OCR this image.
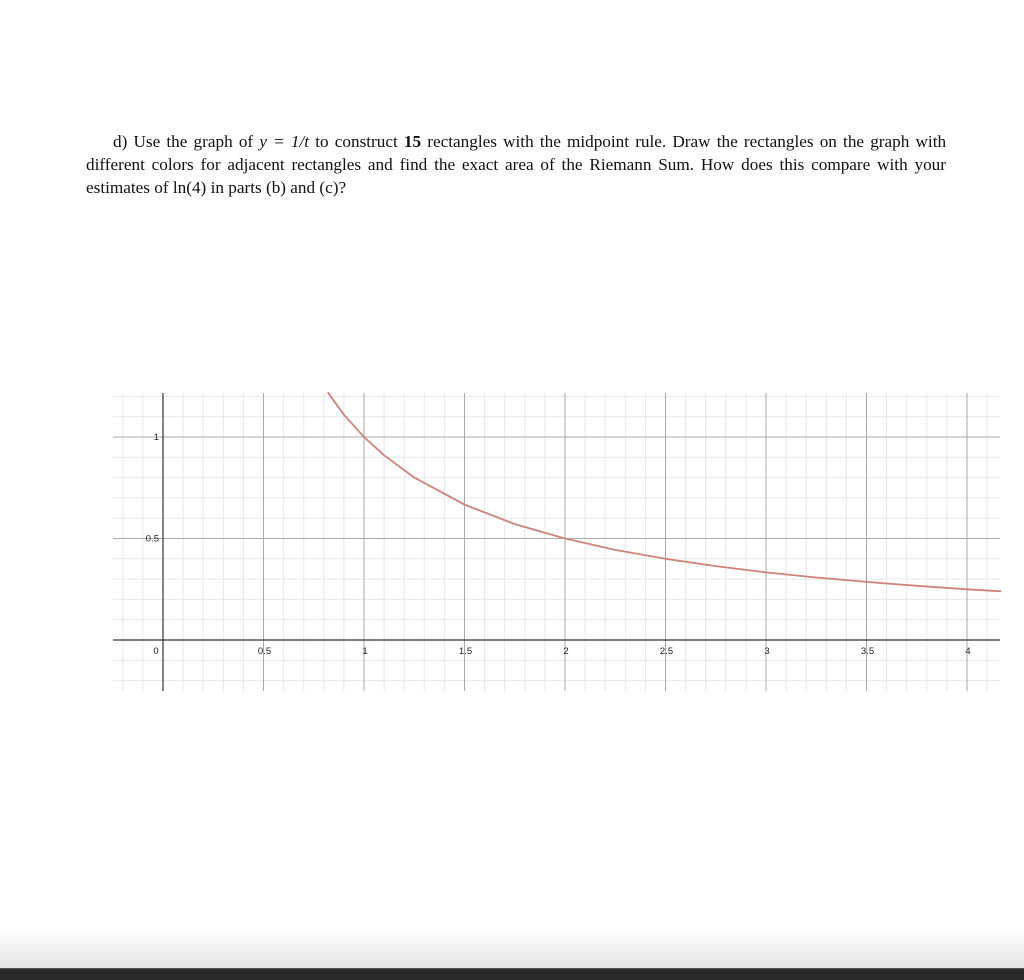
d) Use the graph of y = 1/t to construct 15 rectangles with the midpoint rule. Draw the rectangles on the graph with different colors for adjacent rectangles and find the exact area of the Riemann Sum. How does this compare with your estimates of ln(4) in parts (b) and (c)?
0	0.5	1	1.5	2	2.5	3	3.5	4
0.5
1
